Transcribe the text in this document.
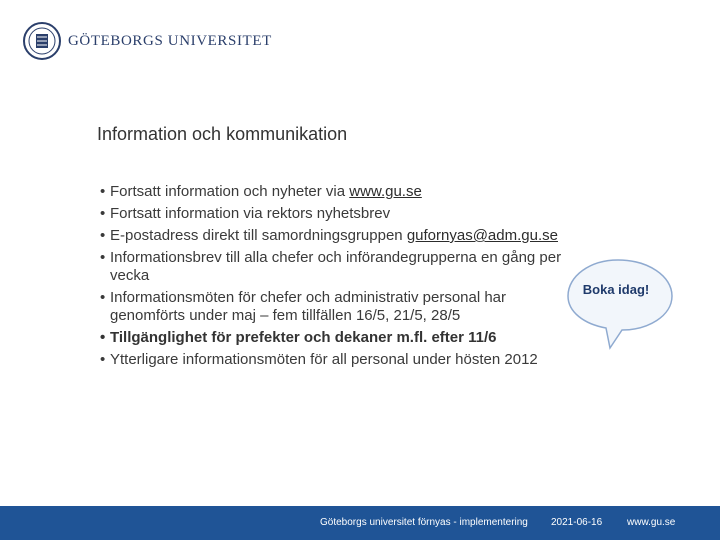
GÖTEBORGS UNIVERSITET
Information och kommunikation
• Fortsatt information och nyheter via www.gu.se
• Fortsatt information via rektors nyhetsbrev
• E-postadress direkt till samordningsgruppen gufornyas@adm.gu.se
• Informationsbrev till alla chefer och införandegrupperna en gång per vecka
• Informationsmöten för chefer och administrativ personal har genomförts under maj – fem tillfällen 16/5, 21/5, 28/5
• Tillgänglighet för prefekter och dekaner m.fl. efter 11/6
• Ytterligare informationsmöten för all personal under hösten 2012
Boka idag!
Göteborgs universitet förnyas - implementering 2021-06-16 www.gu.se
